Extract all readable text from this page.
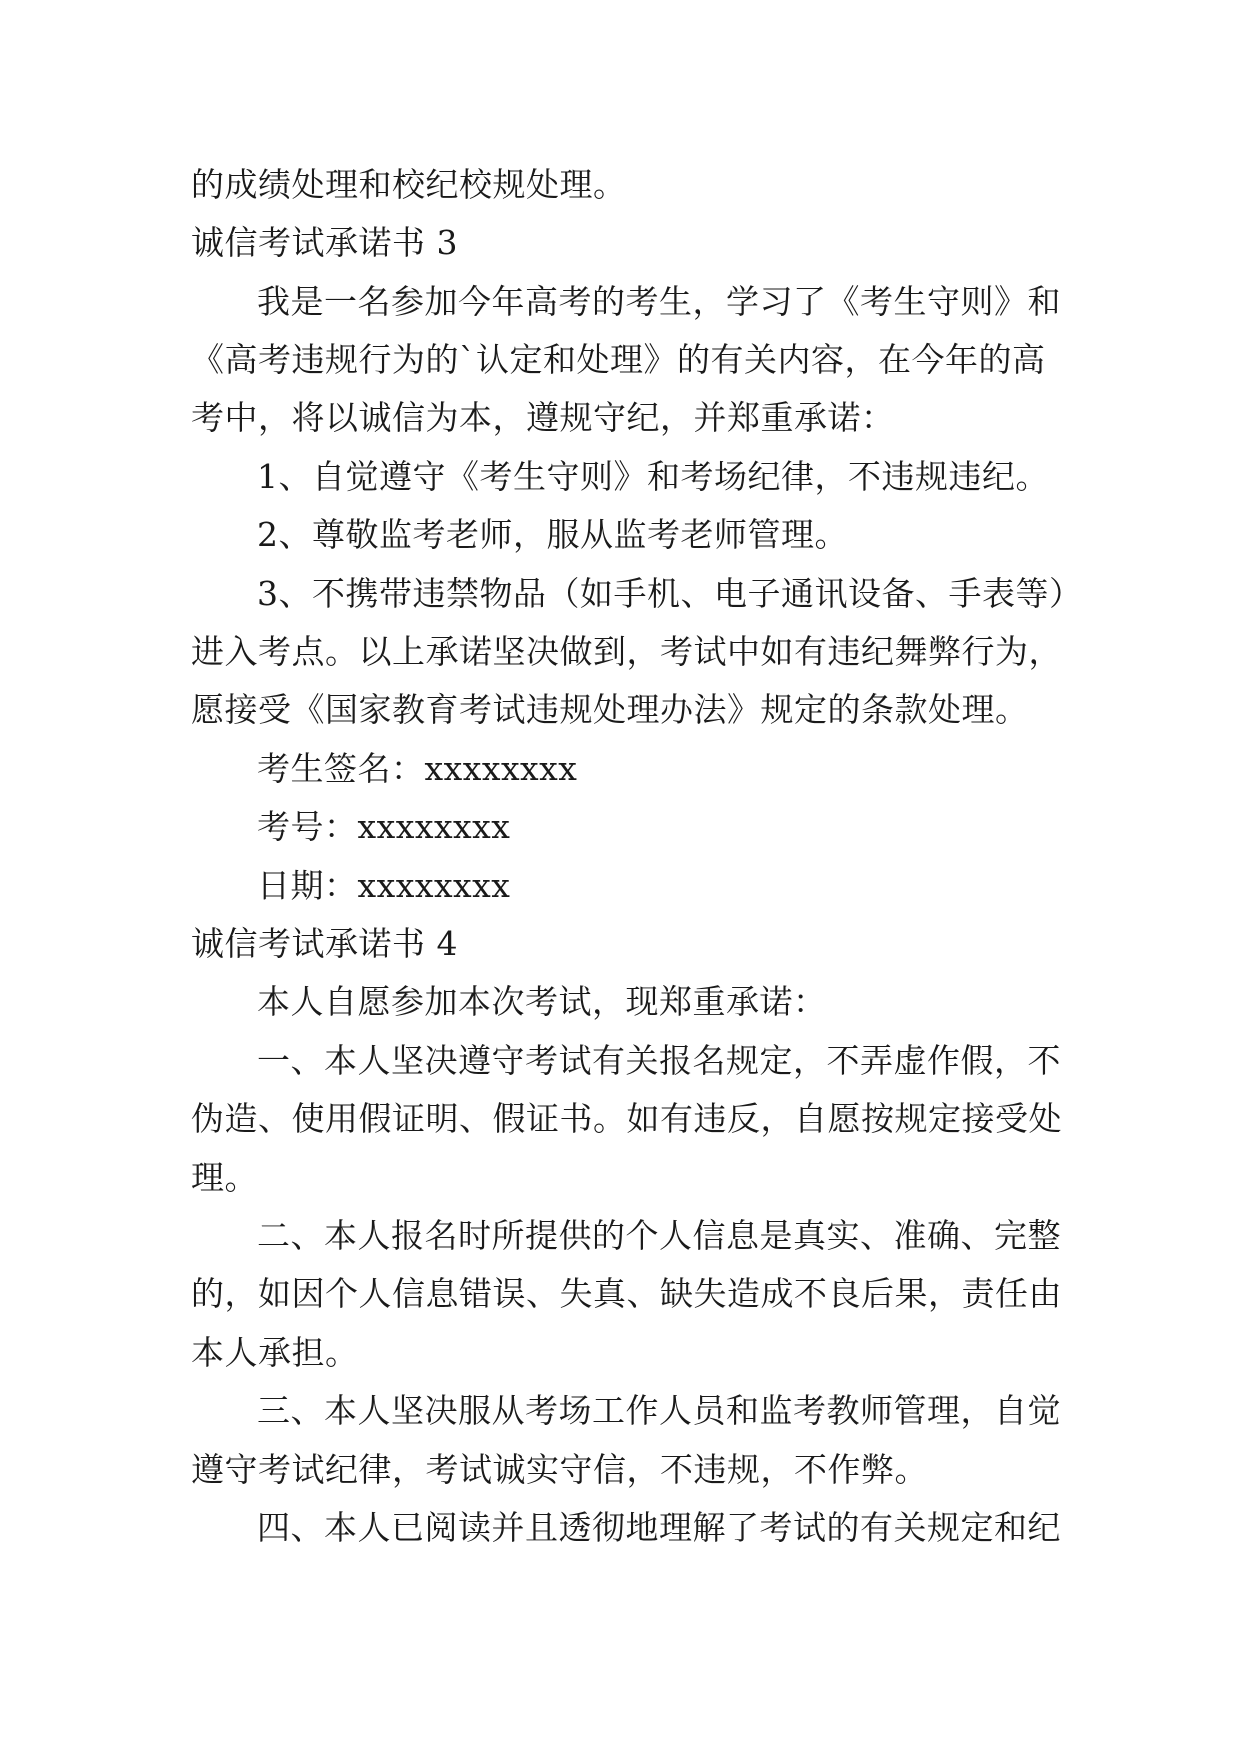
的成绩处理和校纪校规处理。
诚信考试承诺书 3
我是一名参加今年高考的考生，学习了《考生守则》和
《高考违规行为的`认定和处理》的有关内容，在今年的高
考中，将以诚信为本，遵规守纪，并郑重承诺：
1、自觉遵守《考生守则》和考场纪律，不违规违纪。
2、尊敬监考老师，服从监考老师管理。
3、不携带违禁物品（如手机、电子通讯设备、手表等）
进入考点。以上承诺坚决做到，考试中如有违纪舞弊行为，
愿接受《国家教育考试违规处理办法》规定的条款处理。
考生签名：xxxxxxxx
考号：xxxxxxxx
日期：xxxxxxxx
诚信考试承诺书 4
本人自愿参加本次考试，现郑重承诺：
一、本人坚决遵守考试有关报名规定，不弄虚作假，不
伪造、使用假证明、假证书。如有违反，自愿按规定接受处
理。
二、本人报名时所提供的个人信息是真实、准确、完整
的，如因个人信息错误、失真、缺失造成不良后果，责任由
本人承担。
三、本人坚决服从考场工作人员和监考教师管理，自觉
遵守考试纪律，考试诚实守信，不违规，不作弊。
四、本人已阅读并且透彻地理解了考试的有关规定和纪
